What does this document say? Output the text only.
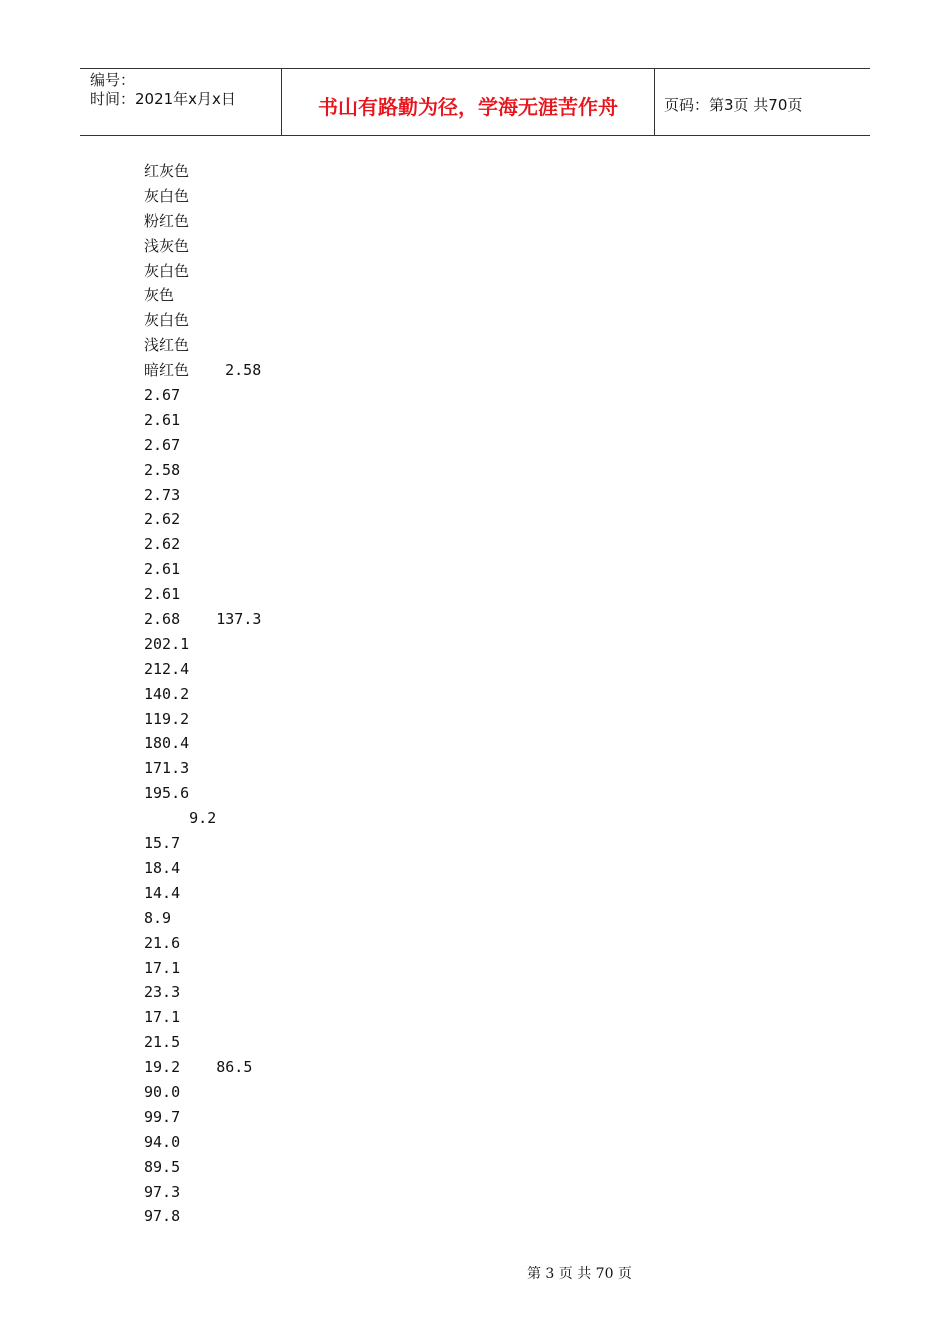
编号：
时间：2021年x月x日	书山有路勤为径，学海无涯苦作舟	页码：第3页 共70页
红灰色
灰白色
粉红色
浅灰色
灰白色
灰色
灰白色
浅红色
暗红色    2.58
2.67
2.61
2.67
2.58
2.73
2.62
2.62
2.61
2.61
2.68    137.3
202.1
212.4
140.2
119.2
180.4
171.3
195.6
9.2
15.7
18.4
14.4
8.9
21.6
17.1
23.3
17.1
21.5
19.2    86.5
90.0
99.7
94.0
89.5
97.3
97.8

第 3 页 共 70 页
